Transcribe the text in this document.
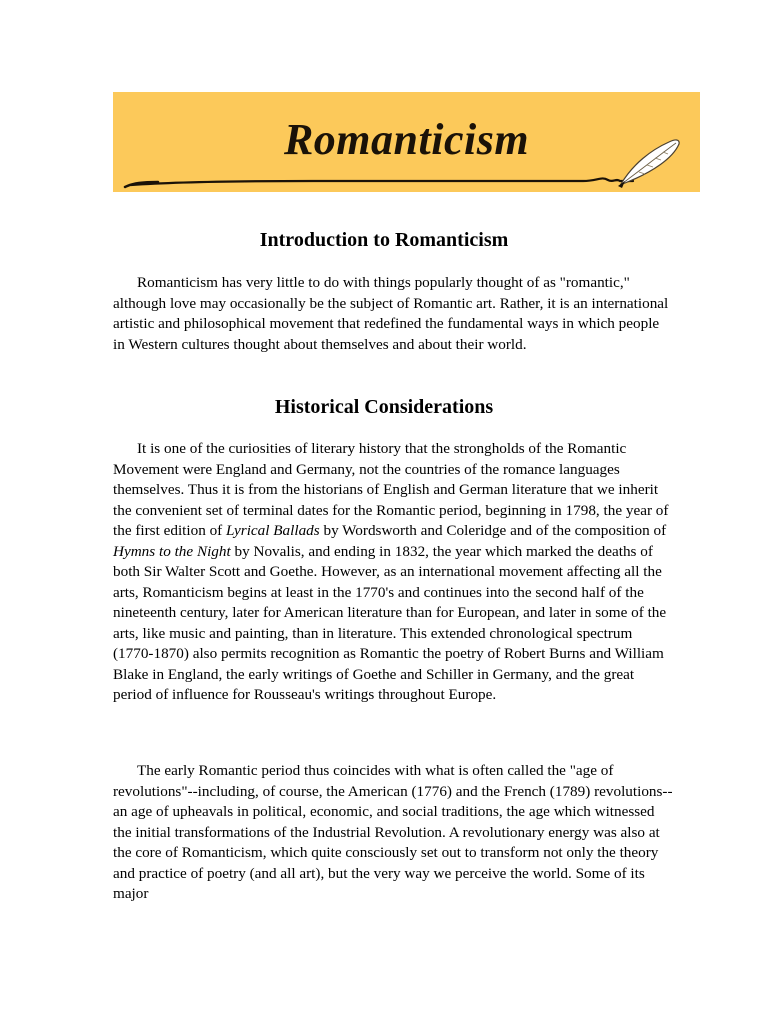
Romanticism
Introduction to Romanticism

Romanticism has very little to do with things popularly thought of as "romantic," although love may occasionally be the subject of Romantic art. Rather, it is an international artistic and philosophical movement that redefined the fundamental ways in which people in Western cultures thought about themselves and about their world.

Historical Considerations

It is one of the curiosities of literary history that the strongholds of the Romantic Movement were England and Germany, not the countries of the romance languages themselves. Thus it is from the historians of English and German literature that we inherit the convenient set of terminal dates for the Romantic period, beginning in 1798, the year of the first edition of Lyrical Ballads by Wordsworth and Coleridge and of the composition of Hymns to the Night by Novalis, and ending in 1832, the year which marked the deaths of both Sir Walter Scott and Goethe. However, as an international movement affecting all the arts, Romanticism begins at least in the 1770's and continues into the second half of the nineteenth century, later for American literature than for European, and later in some of the arts, like music and painting, than in literature. This extended chronological spectrum (1770-1870) also permits recognition as Romantic the poetry of Robert Burns and William Blake in England, the early writings of Goethe and Schiller in Germany, and the great period of influence for Rousseau's writings throughout Europe.

The early Romantic period thus coincides with what is often called the "age of revolutions"--including, of course, the American (1776) and the French (1789) revolutions--an age of upheavals in political, economic, and social traditions, the age which witnessed the initial transformations of the Industrial Revolution. A revolutionary energy was also at the core of Romanticism, which quite consciously set out to transform not only the theory and practice of poetry (and all art), but the very way we perceive the world. Some of its major
